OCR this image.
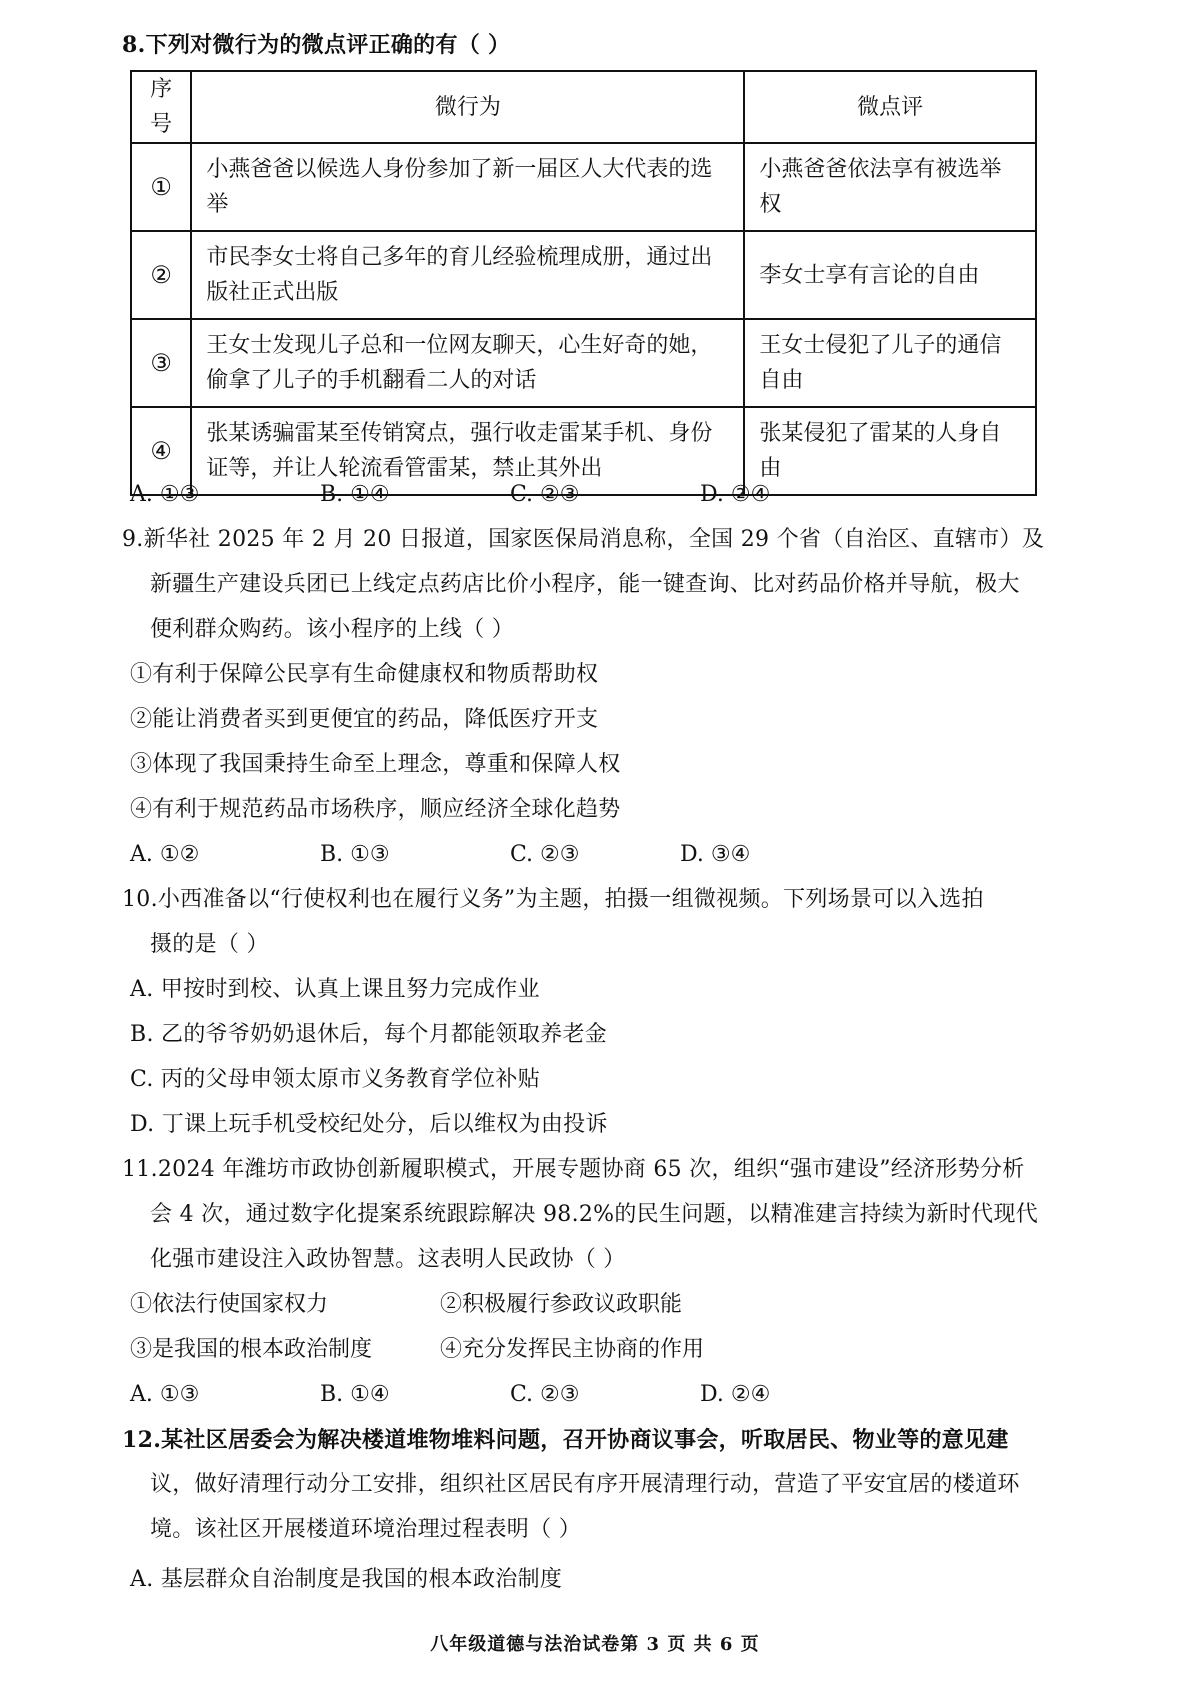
8.下列对微行为的微点评正确的有（ ）
序号	微行为	微点评
①	小燕爸爸以候选人身份参加了新一届区人大代表的选举	小燕爸爸依法享有被选举权

②	市民李女士将自己多年的育儿经验梳理成册，通过出版社正式出版	李女士享有言论的自由

③	王女士发现儿子总和一位网友聊天，心生好奇的她，偷拿了儿子的手机翻看二人的对话	王女士侵犯了儿子的通信自由

④	张某诱骗雷某至传销窝点，强行收走雷某手机、身份证等，并让人轮流看管雷某，禁止其外出	张某侵犯了雷某的人身自由
A. ①③	B. ①④	C. ②③	D. ②④
9.新华社 2025 年 2 月 20 日报道，国家医保局消息称，全国 29 个省（自治区、直辖市）及
新疆生产建设兵团已上线定点药店比价小程序，能一键查询、比对药品价格并导航，极大
便利群众购药。该小程序的上线（ ）
①有利于保障公民享有生命健康权和物质帮助权
②能让消费者买到更便宜的药品，降低医疗开支
③体现了我国秉持生命至上理念，尊重和保障人权
④有利于规范药品市场秩序，顺应经济全球化趋势
A. ①②	B. ①③	C. ②③	D. ③④
10.小西准备以“行使权利也在履行义务”为主题，拍摄一组微视频。下列场景可以入选拍
摄的是（ ）
A. 甲按时到校、认真上课且努力完成作业
B. 乙的爷爷奶奶退休后，每个月都能领取养老金
C. 丙的父母申领太原市义务教育学位补贴
D. 丁课上玩手机受校纪处分，后以维权为由投诉
11.2024 年潍坊市政协创新履职模式，开展专题协商 65 次，组织“强市建设”经济形势分析
会 4 次，通过数字化提案系统跟踪解决 98.2%的民生问题，以精准建言持续为新时代现代
化强市建设注入政协智慧。这表明人民政协（ ）
①依法行使国家权力	②积极履行参政议政职能
③是我国的根本政治制度	④充分发挥民主协商的作用
A. ①③	B. ①④	C. ②③	D. ②④
12.某社区居委会为解决楼道堆物堆料问题，召开协商议事会，听取居民、物业等的意见建
议，做好清理行动分工安排，组织社区居民有序开展清理行动，营造了平安宜居的楼道环
境。该社区开展楼道环境治理过程表明（ ）
A. 基层群众自治制度是我国的根本政治制度
八年级道德与法治试卷第 3 页 共 6 页
